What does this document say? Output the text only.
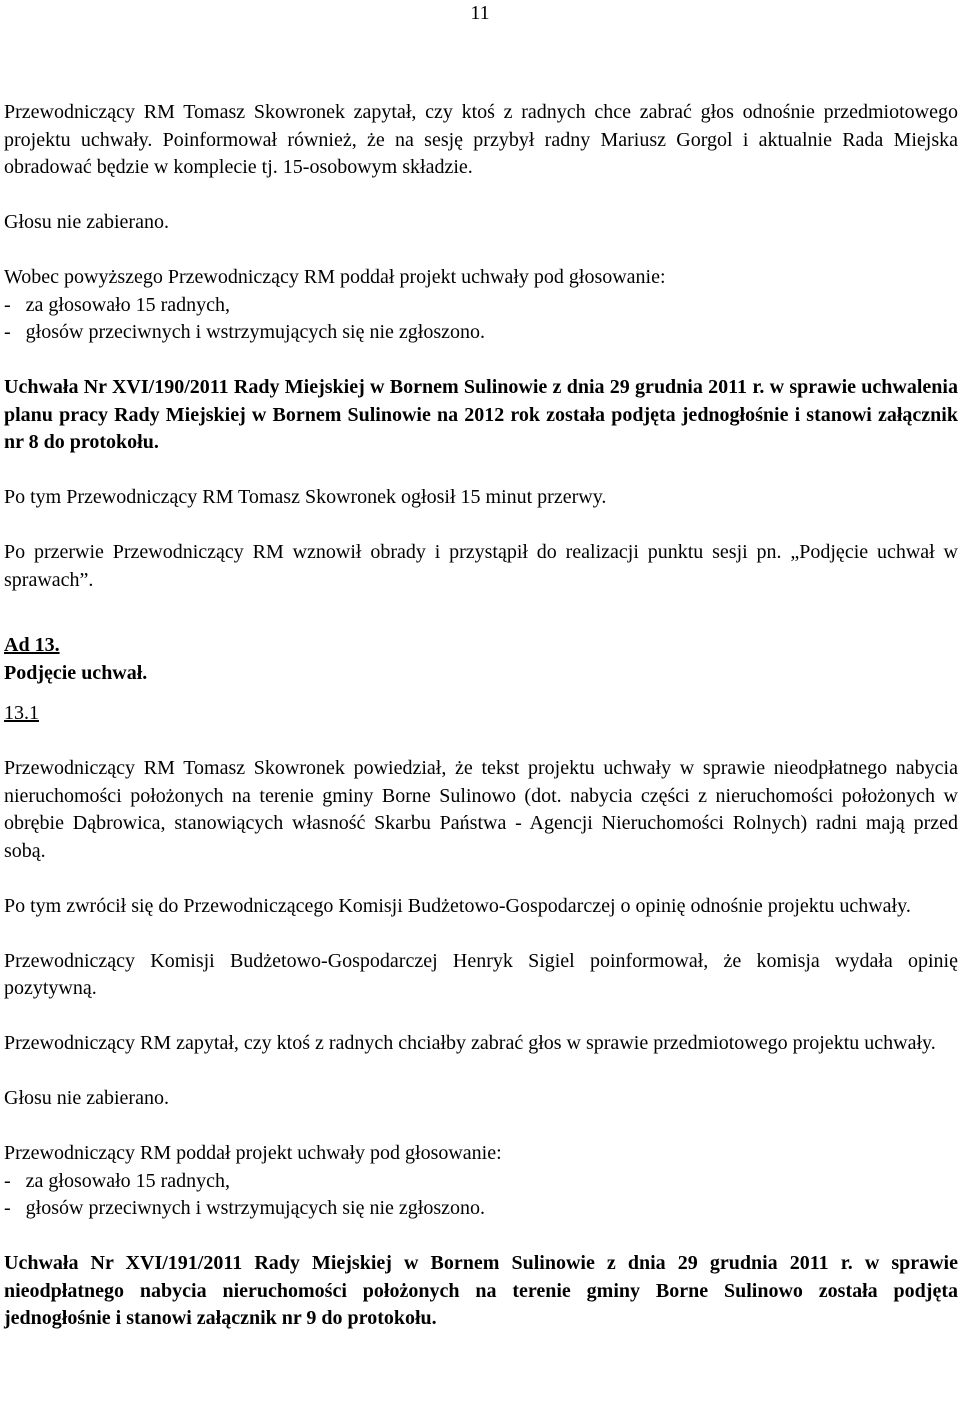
11

Przewodniczący RM Tomasz Skowronek zapytał, czy ktoś z radnych chce zabrać głos odnośnie przedmiotowego projektu uchwały. Poinformował również, że na sesję przybył radny Mariusz Gorgol i aktualnie Rada Miejska obradować będzie w komplecie tj. 15-osobowym składzie.

Głosu nie zabierano.

Wobec powyższego Przewodniczący RM poddał projekt uchwały pod głosowanie:
-   za głosowało 15 radnych,
-   głosów przeciwnych i wstrzymujących się nie zgłoszono.

Uchwała Nr XVI/190/2011 Rady Miejskiej w Bornem Sulinowie z dnia 29 grudnia 2011 r. w sprawie uchwalenia planu pracy Rady Miejskiej w Bornem Sulinowie na 2012 rok została podjęta jednogłośnie i stanowi załącznik nr 8 do protokołu.

Po tym Przewodniczący RM Tomasz Skowronek ogłosił 15 minut przerwy.

Po przerwie Przewodniczący RM wznowił obrady i przystąpił do realizacji punktu sesji pn. „Podjęcie uchwał w sprawach”.

Ad 13.
Podjęcie uchwał.
13.1

Przewodniczący RM Tomasz Skowronek powiedział, że tekst projektu uchwały w sprawie nieodpłatnego nabycia nieruchomości położonych na terenie gminy Borne Sulinowo (dot. nabycia części z nieruchomości położonych w obrębie Dąbrowica, stanowiących własność Skarbu Państwa - Agencji Nieruchomości Rolnych) radni mają przed sobą.

Po tym zwrócił się do Przewodniczącego Komisji Budżetowo-Gospodarczej o opinię odnośnie projektu uchwały.

Przewodniczący Komisji Budżetowo-Gospodarczej Henryk Sigiel poinformował, że komisja wydała opinię pozytywną.

Przewodniczący RM zapytał, czy ktoś z radnych chciałby zabrać głos w sprawie przedmiotowego projektu uchwały.

Głosu nie zabierano.

Przewodniczący RM poddał projekt uchwały pod głosowanie:
-   za głosowało 15 radnych,
-   głosów przeciwnych i wstrzymujących się nie zgłoszono.

Uchwała Nr XVI/191/2011 Rady Miejskiej w Bornem Sulinowie z dnia 29 grudnia 2011 r. w sprawie nieodpłatnego nabycia nieruchomości położonych na terenie gminy Borne Sulinowo została podjęta jednogłośnie i stanowi załącznik nr 9 do protokołu.
